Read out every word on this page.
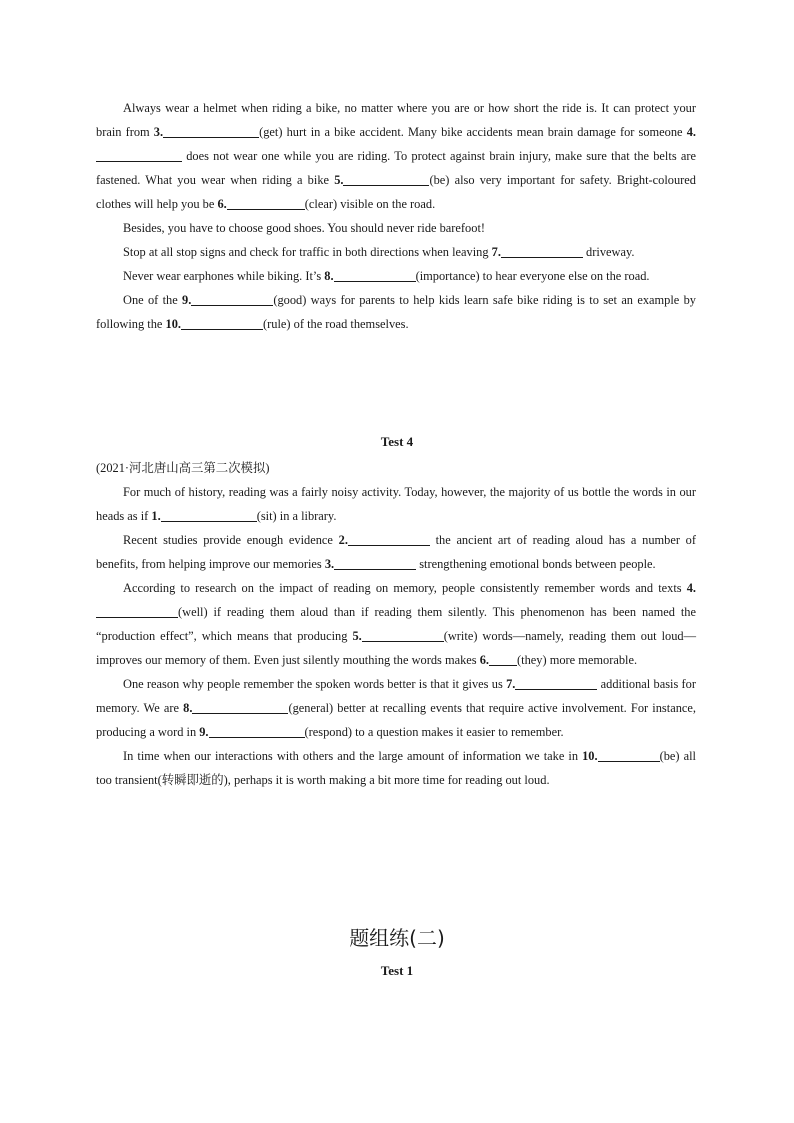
Always wear a helmet when riding a bike, no matter where you are or how short the ride is. It can protect your brain from 3.	(get) hurt in a bike accident. Many bike accidents mean brain damage for someone 4. does not wear one while you are riding. To protect against brain injury, make sure that the belts are fastened. What you wear when riding a bike 5.	(be) also very important for safety. Bright-coloured clothes will help you be 6.	(clear) visible on the road.

Besides, you have to choose good shoes. You should never ride barefoot!

Stop at all stop signs and check for traffic in both directions when leaving 7.	driveway.

Never wear earphones while biking. It’s 8.	(importance) to hear everyone else on the road.

One of the 9.	(good) ways for parents to help kids learn safe bike riding is to set an example by following the 10.	(rule) of the road themselves.

Test 4

(2021·河北唐山高三第二次模拟)

For much of history, reading was a fairly noisy activity. Today, however, the majority of us bottle the words in our heads as if 1.	(sit) in a library.

Recent studies provide enough evidence 2.	the ancient art of reading aloud has a number of benefits, from helping improve our memories 3.	strengthening emotional bonds between people.

According to research on the impact of reading on memory, people consistently remember words and texts 4.(well) if reading them aloud than if reading them silently. This phenomenon has been named the “production effect”, which means that producing 5.	(write) words—namely, reading them out loud—improves our memory of them. Even just silently mouthing the words makes 6. (they) more memorable.

One reason why people remember the spoken words better is that it gives us 7.	additional basis for memory. We are 8.	(general) better at recalling events that require active involvement. For instance, producing a word in 9.	(respond) to a question makes it easier to remember.

In time when our interactions with others and the large amount of information we take in 10.	(be) all too transient(转瞬即逝的), perhaps it is worth making a bit more time for reading out loud.

题组练(二)
Test 1
